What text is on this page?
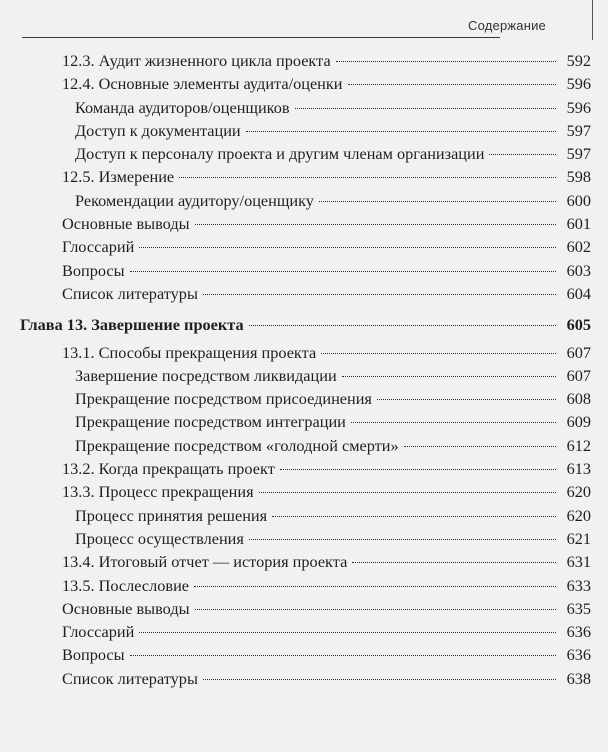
Содержание
12.3. Аудит жизненного цикла проекта	592
12.4. Основные элементы аудита/оценки	596
Команда аудиторов/оценщиков	596
Доступ к документации	597
Доступ к персоналу проекта и другим членам организации	597
12.5. Измерение	598
Рекомендации аудитору/оценщику	600
Основные выводы	601
Глоссарий	602
Вопросы	603
Список литературы	604
Глава 13. Завершение проекта	605
13.1. Способы прекращения проекта	607
Завершение посредством ликвидации	607
Прекращение посредством присоединения	608
Прекращение посредством интеграции	609
Прекращение посредством «голодной смерти»	612
13.2. Когда прекращать проект	613
13.3. Процесс прекращения	620
Процесс принятия решения	620
Процесс осуществления	621
13.4. Итоговый отчет — история проекта	631
13.5. Послесловие	633
Основные выводы	635
Глоссарий	636
Вопросы	636
Список литературы	638
